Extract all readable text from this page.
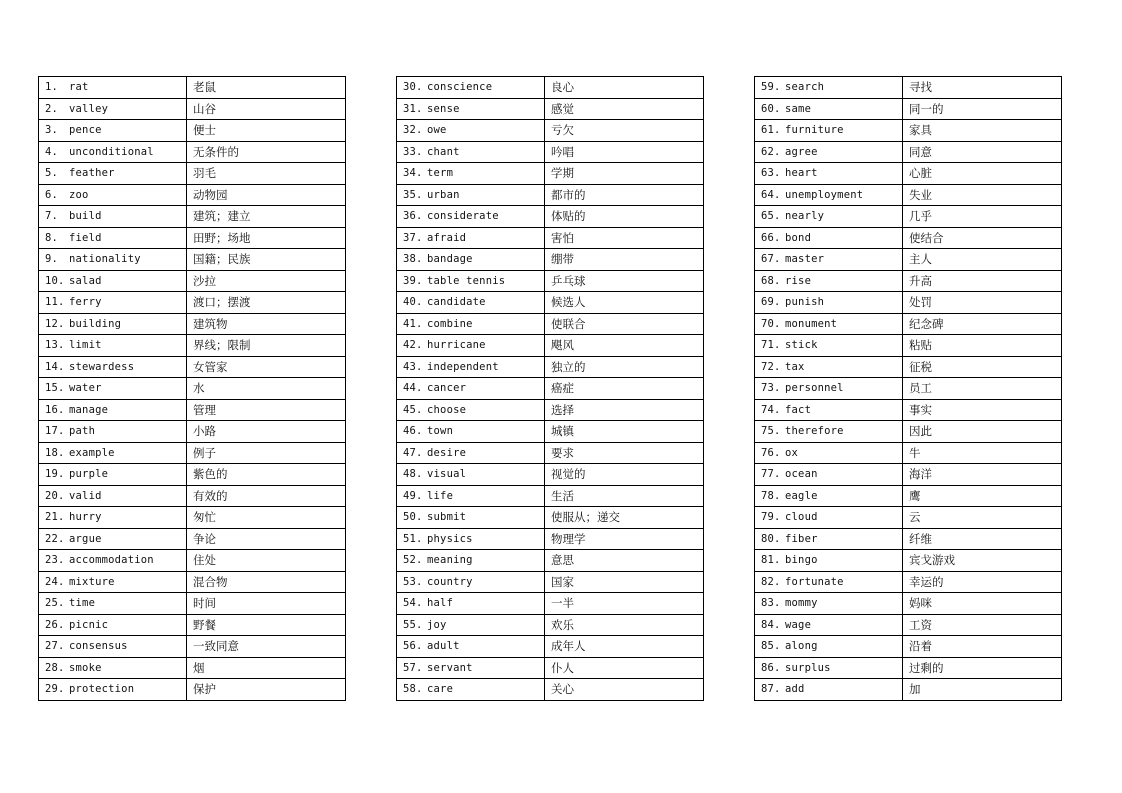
1. rat	老鼠
2. valley	山谷
3. pence	便士
4. unconditional	无条件的
5. feather	羽毛
6. zoo	动物园
7. build	建筑；建立
8. field	田野；场地
9. nationality	国籍；民族
10. salad	沙拉
11. ferry	渡口；摆渡
12. building	建筑物
13. limit	界线；限制
14. stewardess	女管家
15. water	水
16. manage	管理
17. path	小路
18. example	例子
19. purple	紫色的
20. valid	有效的
21. hurry	匆忙
22. argue	争论
23. accommodation	住处
24. mixture	混合物
25. time	时间
26. picnic	野餐
27. consensus	一致同意
28. smoke	烟
29. protection	保护
30. conscience	良心
31. sense	感觉
32. owe	亏欠
33. chant	吟唱
34. term	学期
35. urban	都市的
36. considerate	体贴的
37. afraid	害怕
38. bandage	绷带
39. table tennis	乒乓球
40. candidate	候选人
41. combine	使联合
42. hurricane	飓风
43. independent	独立的
44. cancer	癌症
45. choose	选择
46. town	城镇
47. desire	要求
48. visual	视觉的
49. life	生活
50. submit	使服从；递交
51. physics	物理学
52. meaning	意思
53. country	国家
54. half	一半
55. joy	欢乐
56. adult	成年人
57. servant	仆人
58. care	关心
59. search	寻找
60. same	同一的
61. furniture	家具
62. agree	同意
63. heart	心脏
64. unemployment	失业
65. nearly	几乎
66. bond	使结合
67. master	主人
68. rise	升高
69. punish	处罚
70. monument	纪念碑
71. stick	粘贴
72. tax	征税
73. personnel	员工
74. fact	事实
75. therefore	因此
76. ox	牛
77. ocean	海洋
78. eagle	鹰
79. cloud	云
80. fiber	纤维
81. bingo	宾戈游戏
82. fortunate	幸运的
83. mommy	妈咪
84. wage	工资
85. along	沿着
86. surplus	过剩的
87. add	加
